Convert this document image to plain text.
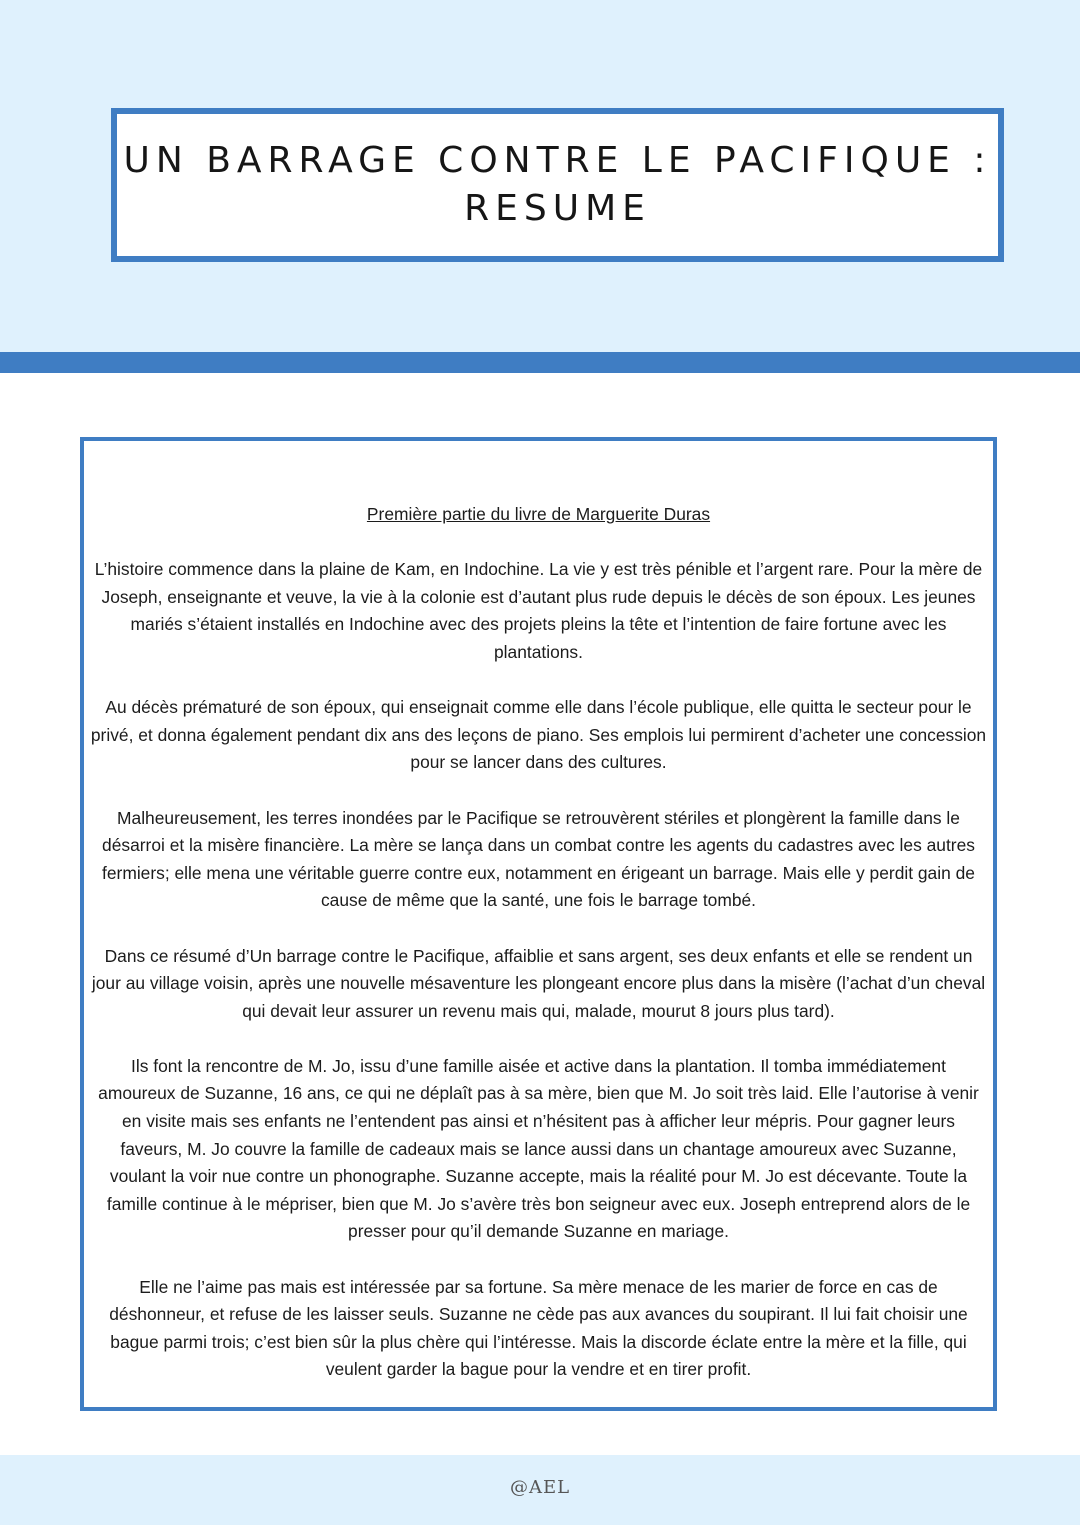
UN BARRAGE CONTRE LE PACIFIQUE :
RESUME
Première partie du livre de Marguerite Duras
L’histoire commence dans la plaine de Kam, en Indochine. La vie y est très pénible et l’argent rare. Pour la mère de Joseph, enseignante et veuve, la vie à la colonie est d’autant plus rude depuis le décès de son époux. Les jeunes mariés s’étaient installés en Indochine avec des projets pleins la tête et l’intention de faire fortune avec les plantations.
Au décès prématuré de son époux, qui enseignait comme elle dans l’école publique, elle quitta le secteur pour le privé, et donna également pendant dix ans des leçons de piano. Ses emplois lui permirent d’acheter une concession pour se lancer dans des cultures.
Malheureusement, les terres inondées par le Pacifique se retrouvèrent stériles et plongèrent la famille dans le désarroi et la misère financière. La mère se lança dans un combat contre les agents du cadastres avec les autres fermiers; elle mena une véritable guerre contre eux, notamment en érigeant un barrage. Mais elle y perdit gain de cause de même que la santé, une fois le barrage tombé.
Dans ce résumé d’Un barrage contre le Pacifique, affaiblie et sans argent, ses deux enfants et elle se rendent un jour au village voisin, après une nouvelle mésaventure les plongeant encore plus dans la misère (l’achat d’un cheval qui devait leur assurer un revenu mais qui, malade, mourut 8 jours plus tard).
Ils font la rencontre de M. Jo, issu d’une famille aisée et active dans la plantation. Il tomba immédiatement amoureux de Suzanne, 16 ans, ce qui ne déplaît pas à sa mère, bien que M. Jo soit très laid. Elle l’autorise à venir en visite mais ses enfants ne l’entendent pas ainsi et n’hésitent pas à afficher leur mépris. Pour gagner leurs faveurs, M. Jo couvre la famille de cadeaux mais se lance aussi dans un chantage amoureux avec Suzanne, voulant la voir nue contre un phonographe. Suzanne accepte, mais la réalité pour M. Jo est décevante. Toute la famille continue à le mépriser, bien que M. Jo s’avère très bon seigneur avec eux. Joseph entreprend alors de le presser pour qu’il demande Suzanne en mariage.
Elle ne l’aime pas mais est intéressée par sa fortune. Sa mère menace de les marier de force en cas de déshonneur, et refuse de les laisser seuls. Suzanne ne cède pas aux avances du soupirant. Il lui fait choisir une bague parmi trois; c’est bien sûr la plus chère qui l’intéresse. Mais la discorde éclate entre la mère et la fille, qui veulent garder la bague pour la vendre et en tirer profit.
@AEL
